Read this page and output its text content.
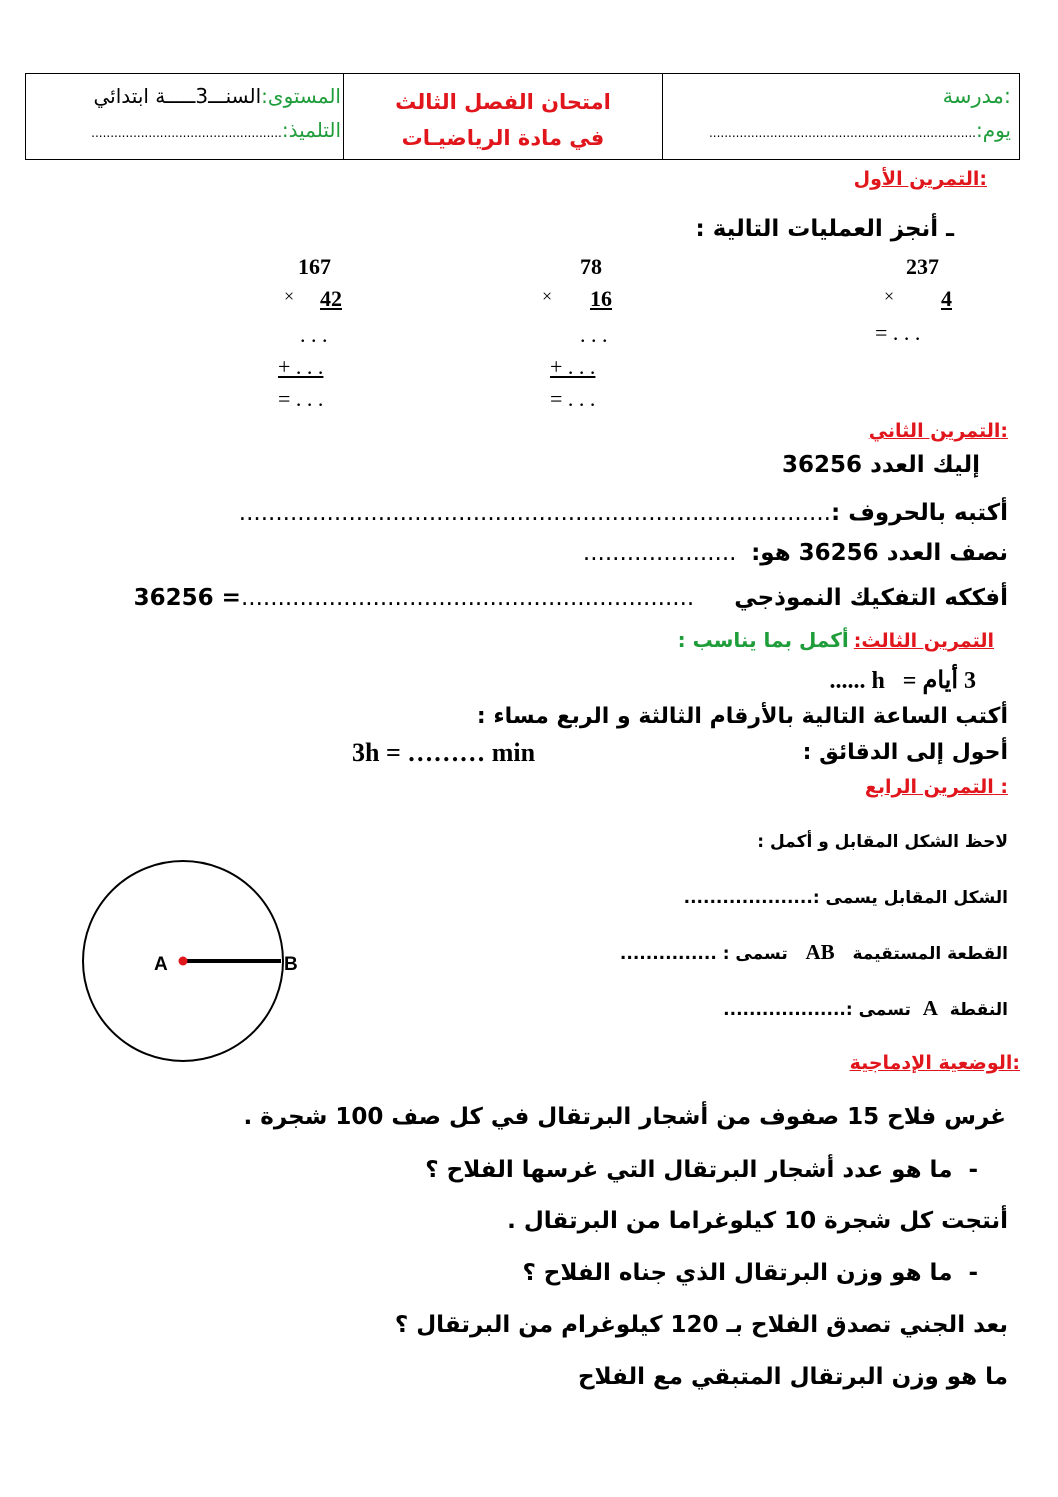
مدرسة:
يوم:......................................................................
امتحان الفصل الثالث
في مادة الرياضيـات
المستوى:السنـــ3ـــــة ابتدائي
التلميذ:..................................................
التمرين الأول:
ـ أنجز العمليات التالية :
237
×	4
= . . .
78
×	16
. . .
+ . . .
= . . .
167
×	42
. . .
+ . . .
= . . .
التمرين الثاني:
إليك العدد 36256
أكتبه بالحروف :.................................................................................
نصف العدد 36256 هو:  .....................
أفككه التفكيك النموذجي     ..............................................................= 36256
التمرين الثالث: أكمل بما يناسب :
3 أيام =   ...... h
أكتب الساعة التالية بالأرقام الثالثة و الربع مساء :
أحول إلى الدقائق :
3h = ……… min
التمرين الرابع :
لاحظ الشكل المقابل و أكمل :
الشكل المقابل يسمى :....................
القطعة المستقيمة   AB   تسمى : ...............
النقطة  A  تسمى :...................
A	B
الوضعية الإدماجية:
غرس فلاح 15 صفوف من أشجار البرتقال في كل صف 100 شجرة .
-  ما هو عدد أشجار البرتقال التي غرسها الفلاح ؟
أنتجت كل شجرة 10 كيلوغراما من البرتقال .
-  ما هو وزن البرتقال الذي جناه الفلاح ؟
بعد الجني تصدق الفلاح بـ 120 كيلوغرام من البرتقال ؟
ما هو وزن البرتقال المتبقي مع الفلاح
